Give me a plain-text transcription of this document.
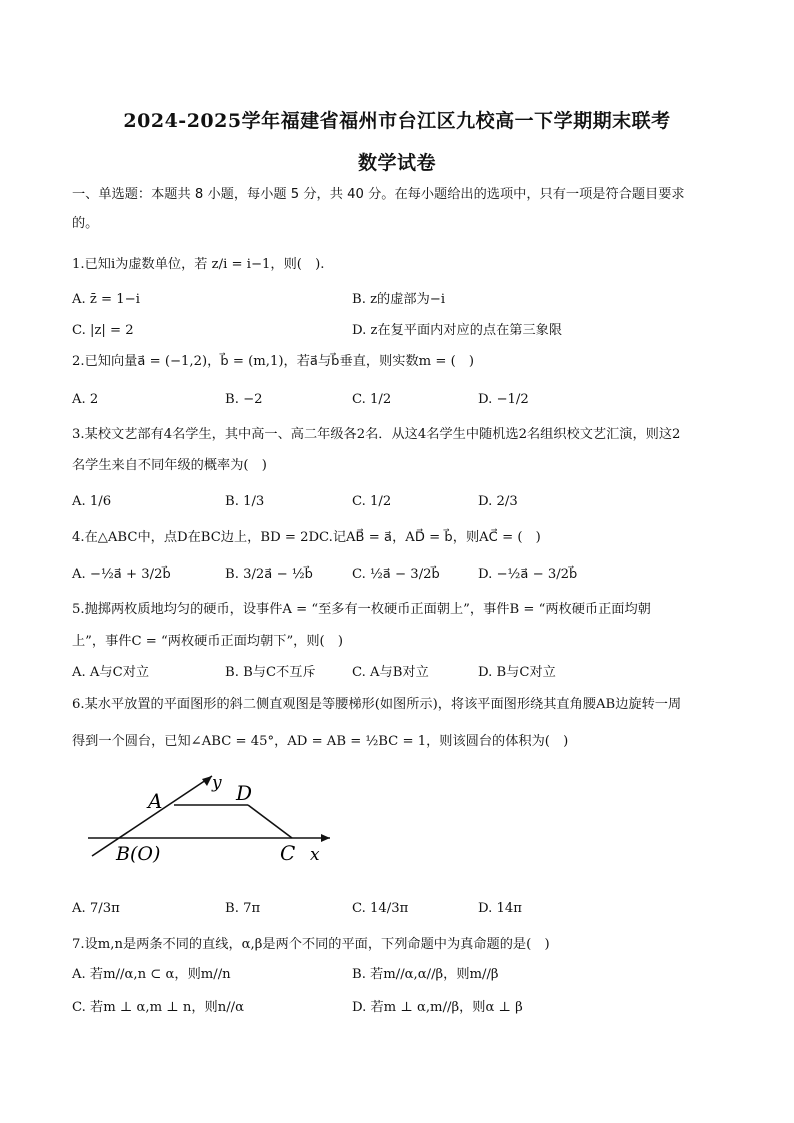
2024-2025学年福建省福州市台江区九校高一下学期期末联考
数学试卷
一、单选题：本题共 8 小题，每小题 5 分，共 40 分。在每小题给出的选项中，只有一项是符合题目要求
的。
1.已知i为虚数单位，若 z/i = i−1，则(　).
A. z̄ = 1−i	B. z的虚部为−i
C. |z| = 2	D. z在复平面内对应的点在第三象限
2.已知向量a⃗ = (−1,2)，b⃗ = (m,1)，若a⃗与b⃗垂直，则实数m = (　)
A. 2	B. −2	C. 1/2	D. −1/2
3.某校文艺部有4名学生，其中高一、高二年级各2名．从这4名学生中随机选2名组织校文艺汇演，则这2
名学生来自不同年级的概率为(　)
A. 1/6	B. 1/3	C. 1/2	D. 2/3
4.在△ABC中，点D在BC边上，BD = 2DC.记AB⃗ = a⃗，AD⃗ = b⃗，则AC⃗ = (　)
A. −½a⃗ + 3/2b⃗	B. 3/2a⃗ − ½b⃗	C. ½a⃗ − 3/2b⃗	D. −½a⃗ − 3/2b⃗
5.抛掷两枚质地均匀的硬币，设事件A = “至多有一枚硬币正面朝上”，事件B = “两枚硬币正面均朝
上”，事件C = “两枚硬币正面均朝下”，则(　)
A. A与C对立	B. B与C不互斥	C. A与B对立	D. B与C对立
6.某水平放置的平面图形的斜二侧直观图是等腰梯形(如图所示)，将该平面图形绕其直角腰AB边旋转一周
得到一个圆台，已知∠ABC = 45°，AD = AB = ½BC = 1，则该圆台的体积为(　)
A	D
y
B(O)	C x
A. 7/3π	B. 7π	C. 14/3π	D. 14π
7.设m,n是两条不同的直线，α,β是两个不同的平面，下列命题中为真命题的是(　)
A. 若m//α,n ⊂ α，则m//n	B. 若m//α,α//β，则m//β
C. 若m ⊥ α,m ⊥ n，则n//α	D. 若m ⊥ α,m//β，则α ⊥ β
